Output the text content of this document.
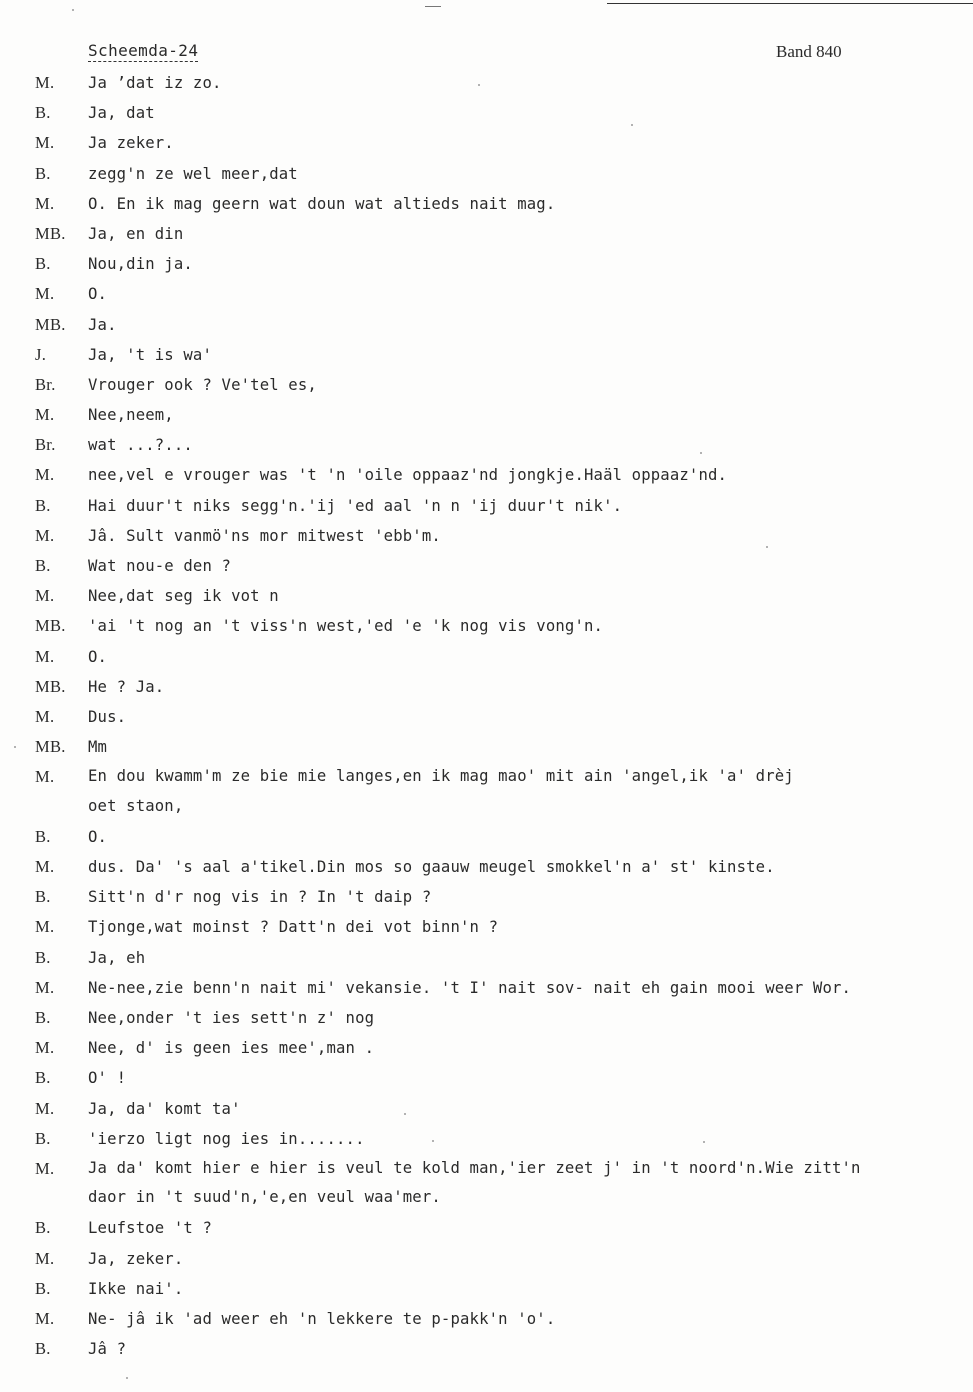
Scheemda-24	Band 840
M.	Ja ’dat iz zo.
B.	Ja, dat
M.	Ja zeker.
B.	zegg'n ze wel meer,dat
M.	O. En ik mag geern wat doun wat altieds nait mag.
MB.	Ja, en din
B.	Nou,din ja.
M.	O.
MB.	Ja.
J.	Ja, 't is wa'
Br.	Vrouger ook ? Ve'tel es,
M.	Nee,neem,
Br.	wat ...?...
M.	nee,vel e vrouger was 't 'n 'oile oppaaz'nd jongkje.Haäl oppaaz'nd.
B.	Hai duur't niks segg'n.'ij 'ed aal 'n n 'ij duur't nik'.
M.	Jâ. Sult vanmö'ns mor mitwest 'ebb'm.
B.	Wat nou-e den ?
M.	Nee,dat seg ik vot n
MB.	'ai 't nog an 't viss'n west,'ed 'e 'k nog vis vong'n.
M.	O.
MB.	He ? Ja.
M.	Dus.
MB.	Mm
M.	En dou kwamm'm ze bie mie langes,en ik mag mao' mit ain 'angel,ik 'a' drèj
oet staon,
B.	O.
M.	dus. Da' 's aal a'tikel.Din mos so gaauw meugel smokkel'n a' st' kinste.
B.	Sitt'n d'r nog vis in ? In 't daip ?
M.	Tjonge,wat moinst ? Datt'n dei vot binn'n ?
B.	Ja, eh
M.	Ne-nee,zie benn'n nait mi' vekansie. 't I' nait sov- nait eh gain mooi weer Wor.
B.	Nee,onder 't ies sett'n z' nog
M.	Nee, d' is geen ies mee',man .
B.	O' !
M.	Ja, da' komt ta'
B.	'ierzo ligt nog ies in.......
M.	Ja da' komt hier e hier is veul te kold man,'ier zeet j' in 't noord'n.Wie zitt'n
daor in 't suud'n,'e,en veul waa'mer.
B.	Leufstoe 't ?
M.	Ja, zeker.
B.	Ikke nai'.
M.	Ne- jâ ik 'ad weer eh 'n lekkere te p-pakk'n 'o'.
B.	Jâ ?
